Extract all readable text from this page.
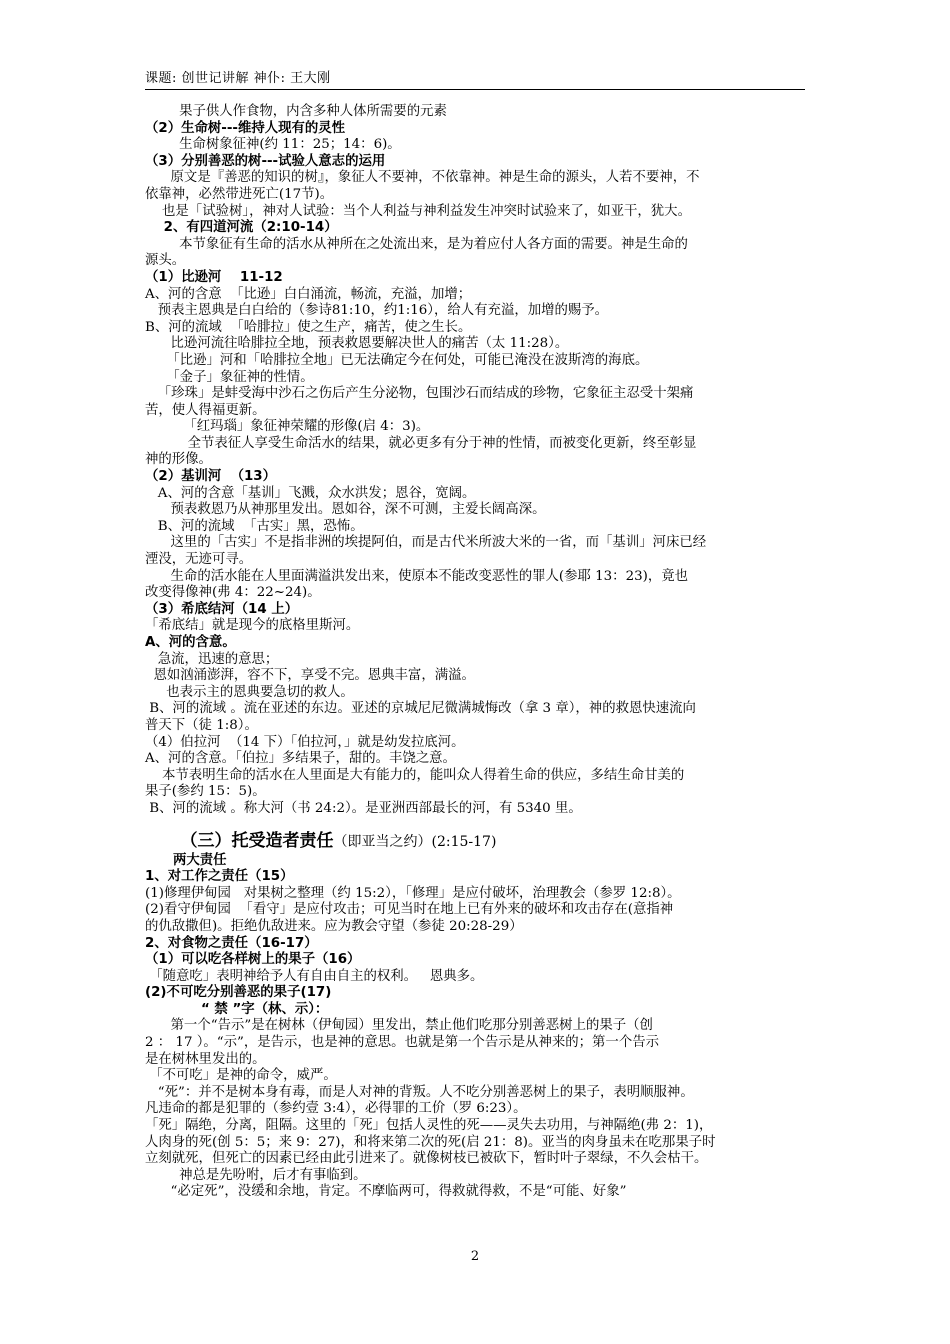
课题: 创世记讲解 神仆: 王大刚
果子供人作食物，内含多种人体所需要的元素
（2）生命树---维持人现有的灵性
生命树象征神(约 11：25；14：6)。
（3）分别善恶的树---试验人意志的运用
原文是『善恶的知识的树』，象征人不要神，不依靠神。神是生命的源头，人若不要神，不
依靠神，必然带进死亡(17节)。
也是「试验树」，神对人试验：当个人利益与神利益发生冲突时试验来了，如亚干，犹大。
2、有四道河流（2:10-14）
本节象征有生命的活水从神所在之处流出来，是为着应付人各方面的需要。神是生命的
源头。
（1）比逊河    11-12
A、河的含意  「比逊」白白涌流，畅流，充溢，加增；
预表主恩典是白白给的（参诗81:10，约1:16），给人有充溢，加增的赐予。
B、河的流域  「哈腓拉」使之生产，痛苦，使之生长。
比逊河流往哈腓拉全地，预表救恩要解决世人的痛苦（太 11:28）。
「比逊」河和「哈腓拉全地」已无法确定今在何处，可能已淹没在波斯湾的海底。
「金子」象征神的性情。
「珍珠」是蚌受海中沙石之伤后产生分泌物，包围沙石而结成的珍物，它象征主忍受十架痛
苦，使人得福更新。
「红玛瑙」象征神荣耀的形像(启 4：3)。
全节表征人享受生命活水的结果，就必更多有分于神的性情，而被变化更新，终至彰显
神的形像。
（2）基训河  （13）
A、河的含意「基训」飞溅，众水洪发；恩谷，宽阔。
预表救恩乃从神那里发出。恩如谷，深不可测，主爱长阔高深。
B、河的流域  「古实」黑，恐怖。
这里的「古实」不是指非洲的埃提阿伯，而是古代米所波大米的一省，而「基训」河床已经
湮没，无迹可寻。
生命的活水能在人里面满溢洪发出来，使原本不能改变恶性的罪人(参耶 13：23)，竟也
改变得像神(弗 4：22~24)。
（3）希底结河（14 上）
「希底结」就是现今的底格里斯河。
A、河的含意。
急流，迅速的意思；
恩如汹涌澎湃，容不下，享受不完。恩典丰富，满溢。
也表示主的恩典要急切的救人。
B、河的流域 。流在亚述的东边。亚述的京城尼尼微满城悔改（拿 3 章），神的救恩快速流向
普天下（徒 1:8）。
（4）伯拉河  （14 下）「伯拉河，」就是幼发拉底河。
A、河的含意。「伯拉」多结果子，甜的。丰饶之意。
本节表明生命的活水在人里面是大有能力的，能叫众人得着生命的供应，多结生命甘美的
果子(参约 15：5)。
B、河的流域 。称大河（书 24:2）。是亚洲西部最长的河，有 5340 里。
（三）托受造者责任（即亚当之约）(2:15-17)
两大责任
1、对工作之责任（15）
(1)修理伊甸园   对果树之整理（约 15:2），「修理」是应付破坏，治理教会（参罗 12:8）。
(2)看守伊甸园  「看守」是应付攻击；可见当时在地上已有外来的破坏和攻击存在(意指神
的仇敌撒但)。拒绝仇敌进来。应为教会守望（参徒 20:28-29）
2、对食物之责任（16-17）
（1）可以吃各样树上的果子（16）
「随意吃」表明神给予人有自由自主的权利。   恩典多。
(2)不可吃分别善恶的果子(17)
“ 禁 ”字（林、示）：
第一个“告示”是在树林（伊甸园）里发出，禁止他们吃那分别善恶树上的果子（创
2 ： 17 ）。“示”，是告示，也是神的意思。也就是第一个告示是从神来的；第一个告示
是在树林里发出的。
「不可吃」是神的命令，威严。
“死”：并不是树本身有毒，而是人对神的背叛。人不吃分别善恶树上的果子，表明顺服神。
凡违命的都是犯罪的（参约壹 3:4），必得罪的工价（罗 6:23）。
「死」隔绝，分离，阻隔。这里的「死」包括人灵性的死——灵失去功用，与神隔绝(弗 2：1)，
人肉身的死(创 5：5；来 9：27)，和将来第二次的死(启 21：8)。亚当的肉身虽未在吃那果子时
立刻就死，但死亡的因素已经由此引进来了。就像树枝已被砍下，暂时叶子翠绿，不久会枯干。
神总是先吩咐，后才有事临到。
“必定死”，没缓和余地，肯定。不摩临两可，得救就得救，不是“可能、好象”
2
